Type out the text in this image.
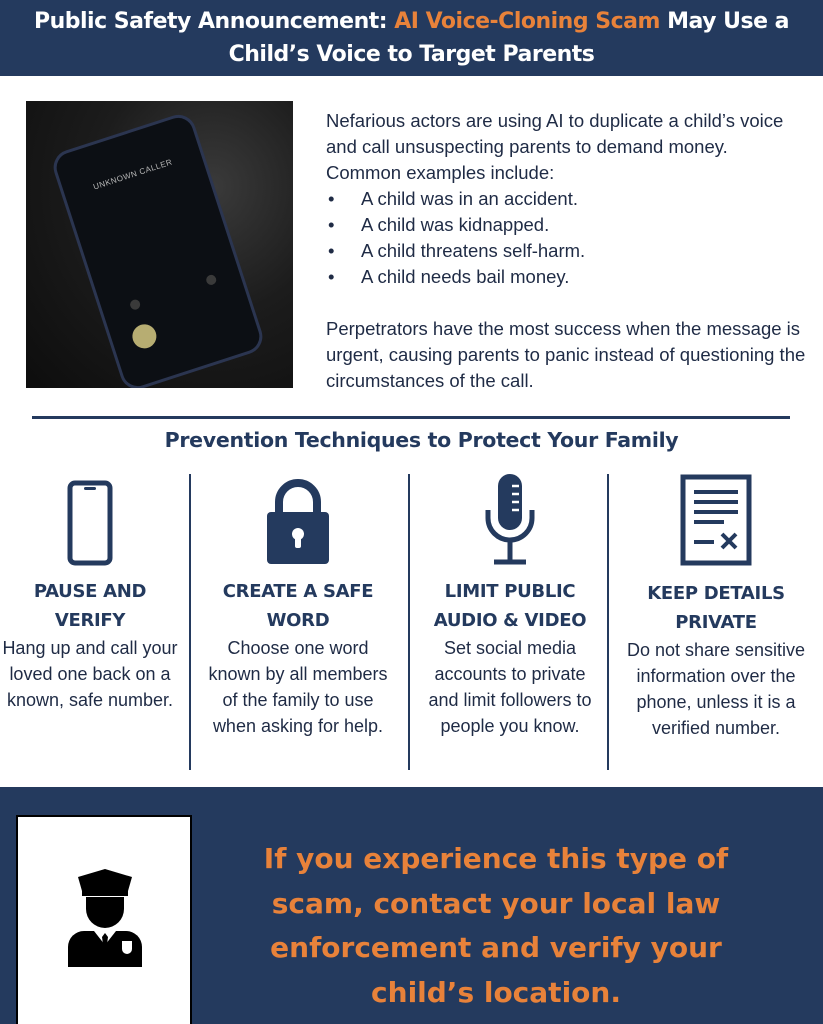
Public Safety Announcement: AI Voice-Cloning Scam May Use a Child’s Voice to Target Parents
UNKNOWN CALLER

Nefarious actors are using AI to duplicate a child’s voice and call unsuspecting parents to demand money. Common examples include:

• A child was in an accident.
• A child was kidnapped.
• A child threatens self-harm.
• A child needs bail money.

Perpetrators have the most success when the message is urgent, causing parents to panic instead of questioning the circumstances of the call.

Prevention Techniques to Protect Your Family
PAUSE AND VERIFY
Hang up and call your loved one back on a known, safe number.
CREATE A SAFE WORD
Choose one word known by all members of the family to use when asking for help.
LIMIT PUBLIC AUDIO & VIDEO
Set social media accounts to private and limit followers to people you know.
KEEP DETAILS PRIVATE
Do not share sensitive information over the phone, unless it is a verified number.
If you experience this type of scam, contact your local law enforcement and verify your child’s location.
